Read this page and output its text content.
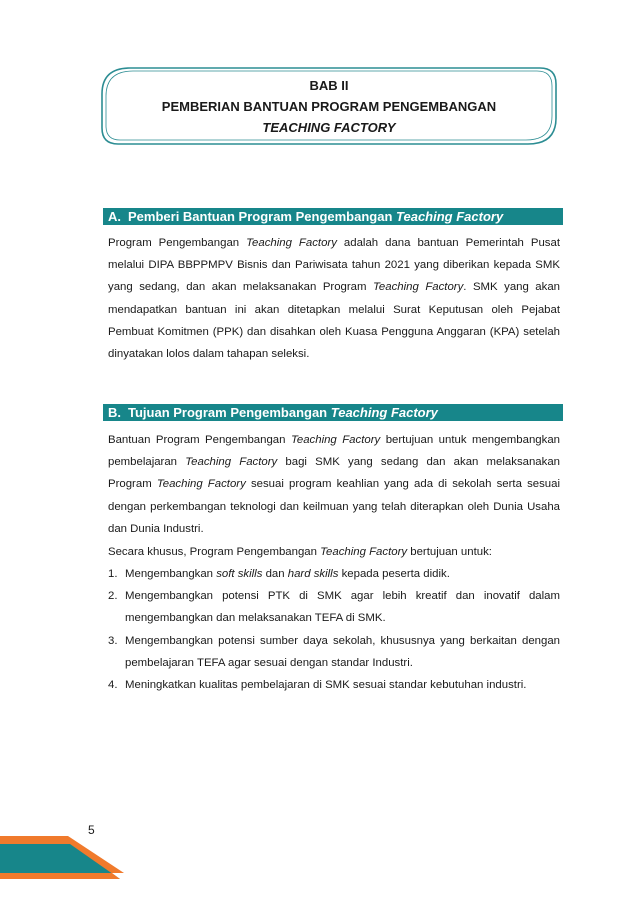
BAB II
PEMBERIAN BANTUAN PROGRAM PENGEMBANGAN
TEACHING FACTORY
A. Pemberi Bantuan Program Pengembangan Teaching Factory
Program Pengembangan Teaching Factory adalah dana bantuan Pemerintah Pusat melalui DIPA BBPPMPV Bisnis dan Pariwisata tahun 2021 yang diberikan kepada SMK yang sedang, dan akan melaksanakan Program Teaching Factory. SMK yang akan mendapatkan bantuan ini akan ditetapkan melalui Surat Keputusan oleh Pejabat Pembuat Komitmen (PPK) dan disahkan oleh Kuasa Pengguna Anggaran (KPA) setelah dinyatakan lolos dalam tahapan seleksi.
B. Tujuan Program Pengembangan Teaching Factory
Bantuan Program Pengembangan Teaching Factory bertujuan untuk mengembangkan pembelajaran Teaching Factory bagi SMK yang sedang dan akan melaksanakan Program Teaching Factory sesuai program keahlian yang ada di sekolah serta sesuai dengan perkembangan teknologi dan keilmuan yang telah diterapkan oleh Dunia Usaha dan Dunia Industri.
Secara khusus, Program Pengembangan Teaching Factory bertujuan untuk:
1. Mengembangkan soft skills dan hard skills kepada peserta didik.
2. Mengembangkan potensi PTK di SMK agar lebih kreatif dan inovatif dalam mengembangkan dan melaksanakan TEFA di SMK.
3. Mengembangkan potensi sumber daya sekolah, khususnya yang berkaitan dengan pembelajaran TEFA agar sesuai dengan standar Industri.
4. Meningkatkan kualitas pembelajaran di SMK sesuai standar kebutuhan industri.
5
